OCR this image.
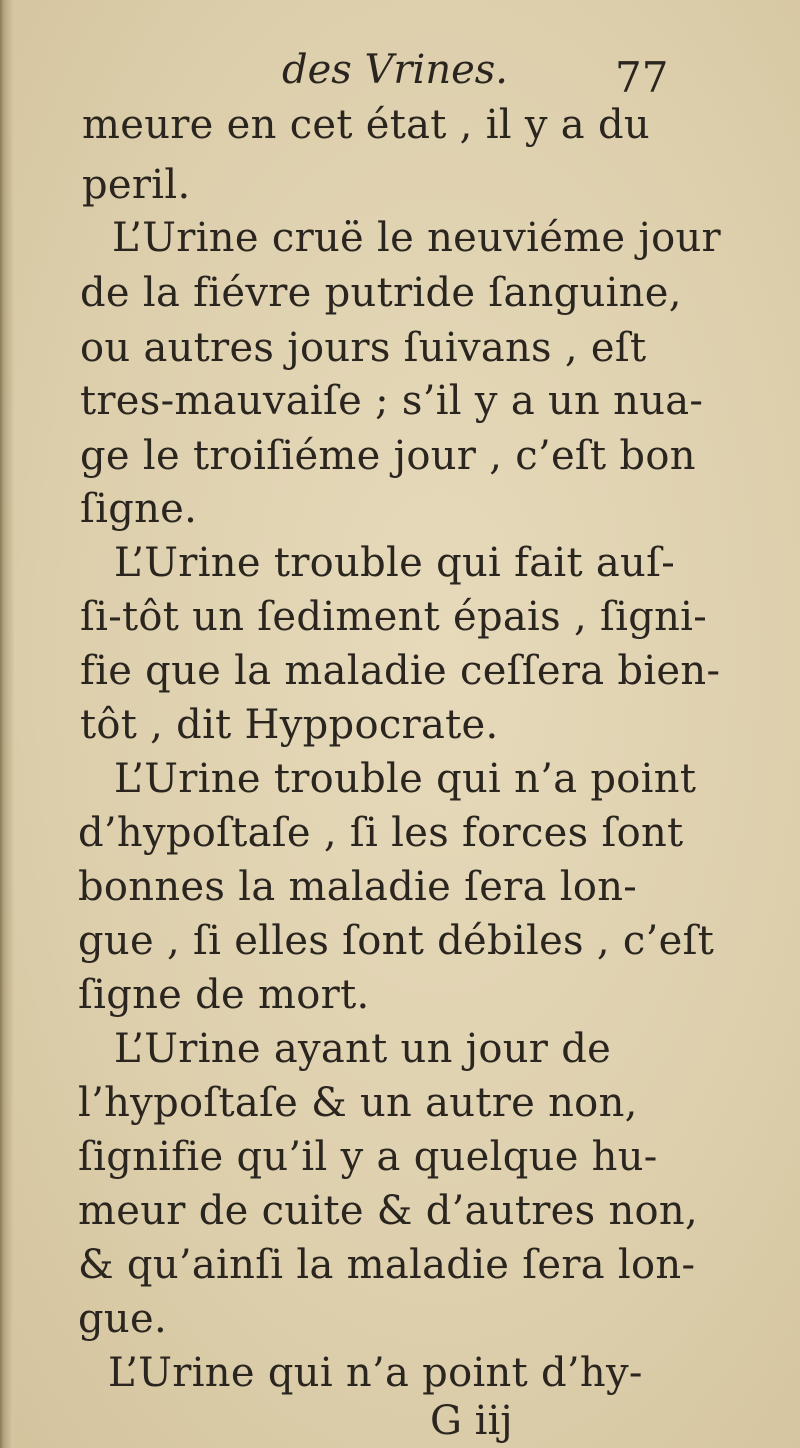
des Vrines.	77
meure en cet état , il y a du
peril.
L’Urine cruë le neuviéme jour
de la fiévre putride ſanguine,
ou autres jours ſuivans , eſt
tres-mauvaiſe ; s’il y a un nua-
ge le troiſiéme jour , c’eſt bon
ſigne.
L’Urine trouble qui fait auſ-
ſi-tôt un ſediment épais , ſigni-
fie que la maladie ceſſera bien-
tôt , dit Hyppocrate.
L’Urine trouble qui n’a point
d’hypoſtaſe , ſi les forces ſont
bonnes la maladie ſera lon-
gue , ſi elles ſont débiles , c’eſt
ſigne de mort.
L’Urine ayant un jour de
l’hypoſtaſe & un autre non,
ſignifie qu’il y a quelque hu-
meur de cuite & d’autres non,
& qu’ainſi la maladie ſera lon-
gue.
L’Urine qui n’a point d’hy-
G iij
